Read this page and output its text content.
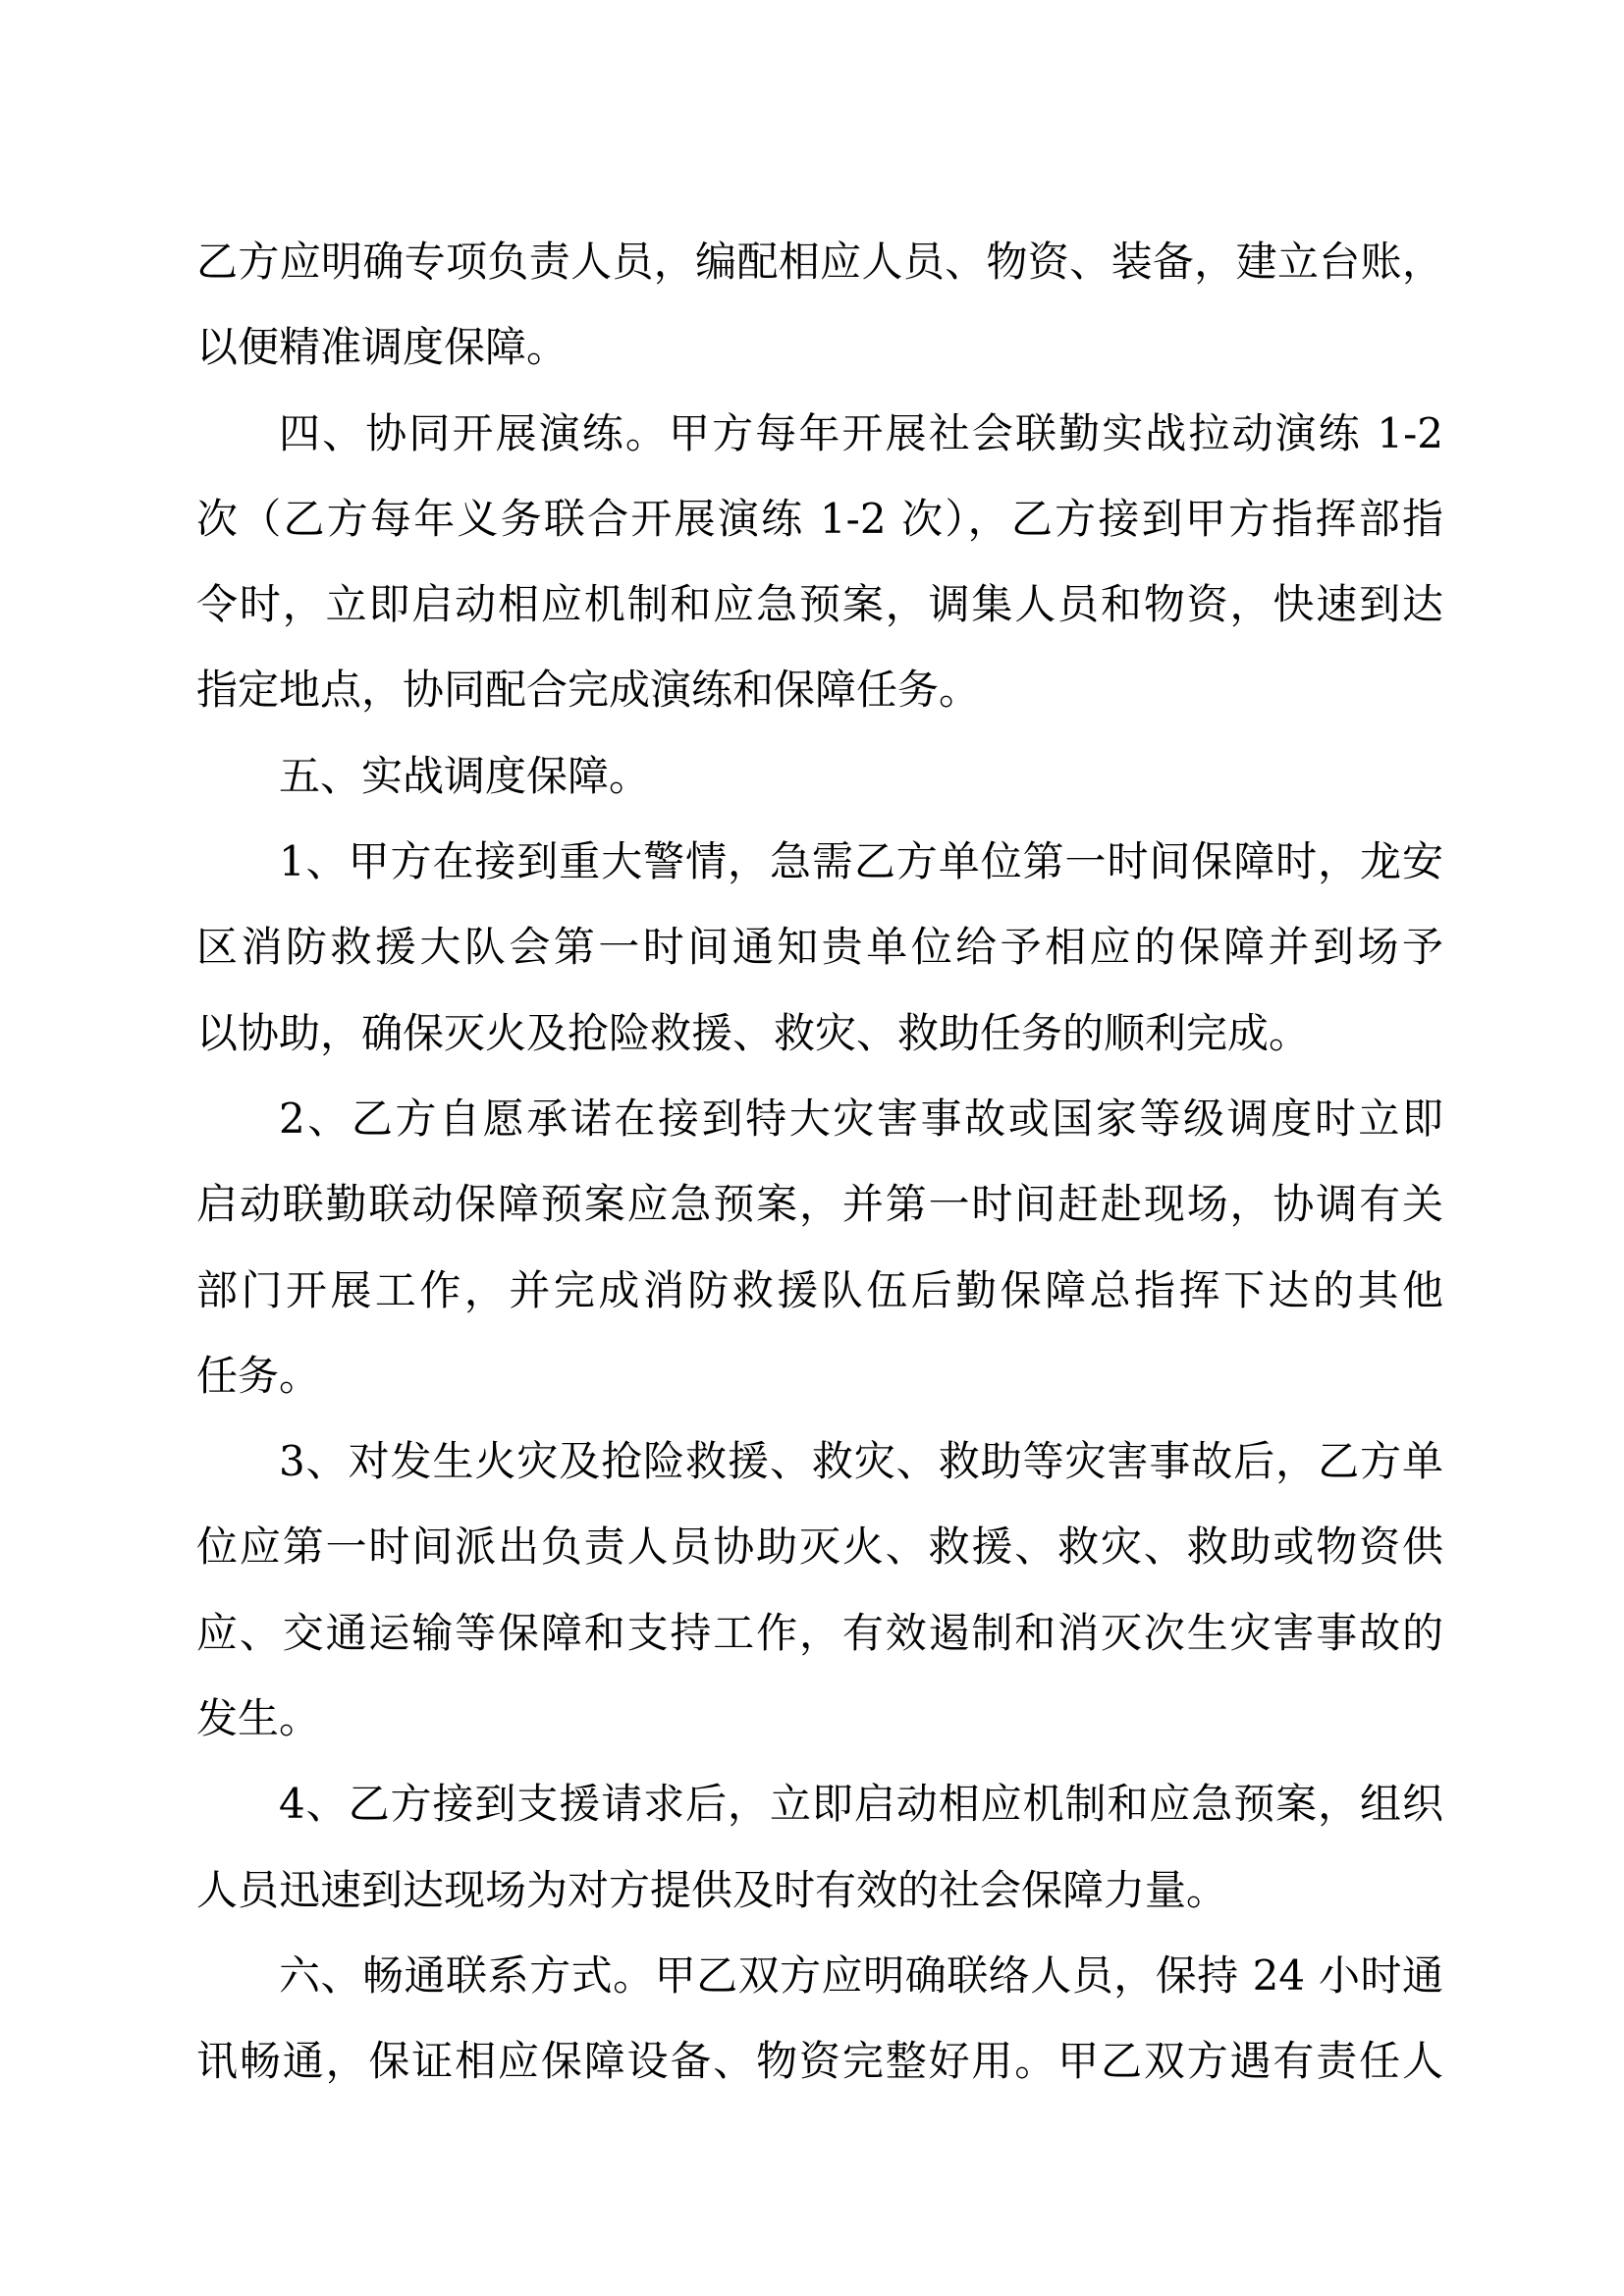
乙方应明确专项负责人员，编配相应人员、物资、装备，建立台账，
以便精准调度保障。
四、协同开展演练。甲方每年开展社会联勤实战拉动演练 1-2
次（乙方每年义务联合开展演练 1-2 次），乙方接到甲方指挥部指
令时，立即启动相应机制和应急预案，调集人员和物资，快速到达
指定地点，协同配合完成演练和保障任务。
五、实战调度保障。
1、甲方在接到重大警情，急需乙方单位第一时间保障时，龙安
区消防救援大队会第一时间通知贵单位给予相应的保障并到场予
以协助，确保灭火及抢险救援、救灾、救助任务的顺利完成。
2、乙方自愿承诺在接到特大灾害事故或国家等级调度时立即
启动联勤联动保障预案应急预案，并第一时间赶赴现场，协调有关
部门开展工作，并完成消防救援队伍后勤保障总指挥下达的其他
任务。
3、对发生火灾及抢险救援、救灾、救助等灾害事故后，乙方单
位应第一时间派出负责人员协助灭火、救援、救灾、救助或物资供
应、交通运输等保障和支持工作，有效遏制和消灭次生灾害事故的
发生。
4、乙方接到支援请求后，立即启动相应机制和应急预案，组织
人员迅速到达现场为对方提供及时有效的社会保障力量。
六、畅通联系方式。甲乙双方应明确联络人员，保持 24 小时通
讯畅通，保证相应保障设备、物资完整好用。甲乙双方遇有责任人
